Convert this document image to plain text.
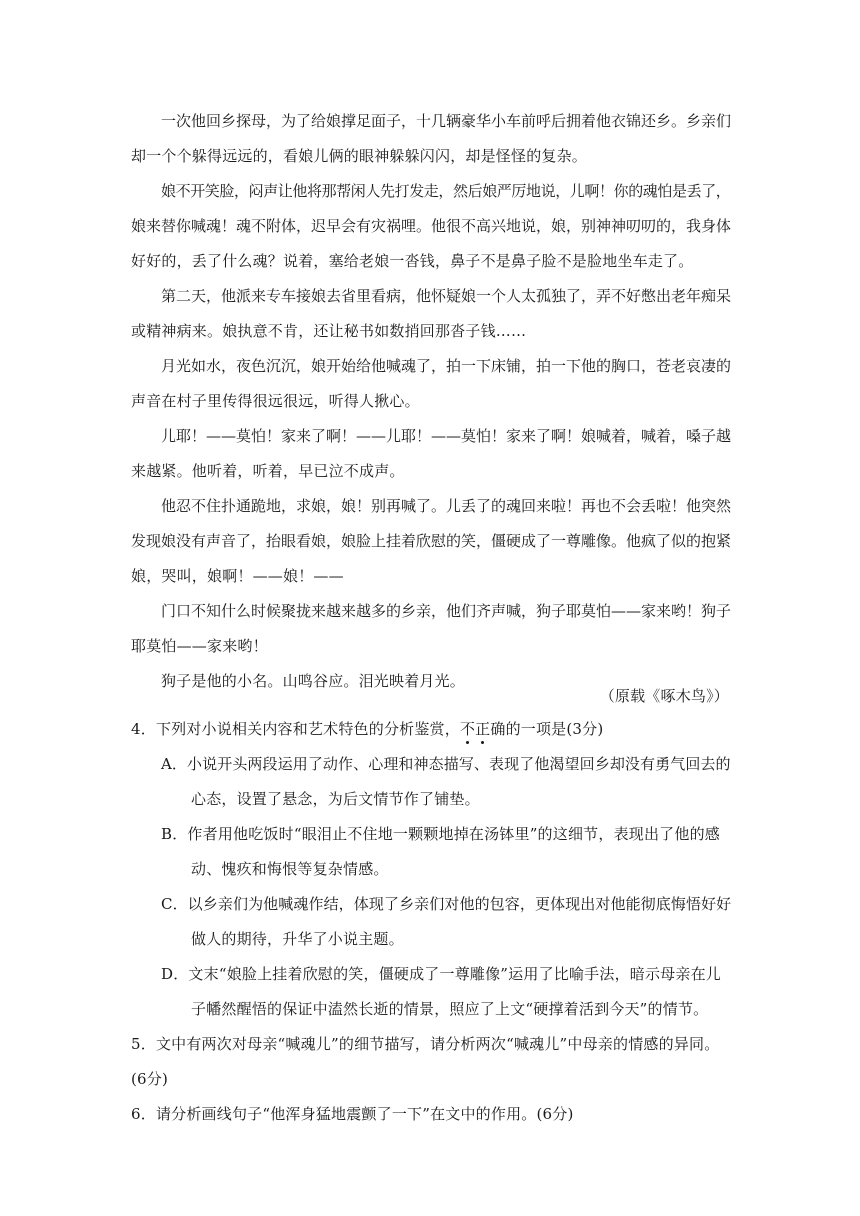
一次他回乡探母，为了给娘撑足面子，十几辆豪华小车前呼后拥着他衣锦还乡。乡亲们
却一个个躲得远远的，看娘儿俩的眼神躲躲闪闪，却是怪怪的复杂。
娘不开笑脸，闷声让他将那帮闲人先打发走，然后娘严厉地说，儿啊！你的魂怕是丢了，
娘来替你喊魂！魂不附体，迟早会有灾祸哩。他很不高兴地说，娘，别神神叨叨的，我身体
好好的，丢了什么魂？说着，塞给老娘一沓钱，鼻子不是鼻子脸不是脸地坐车走了。
第二天，他派来专车接娘去省里看病，他怀疑娘一个人太孤独了，弄不好憋出老年痴呆
或精神病来。娘执意不肯，还让秘书如数捎回那沓子钱……
月光如水，夜色沉沉，娘开始给他喊魂了，拍一下床铺，拍一下他的胸口，苍老哀凄的
声音在村子里传得很远很远，听得人揪心。
儿耶！——莫怕！家来了啊！——儿耶！——莫怕！家来了啊！娘喊着，喊着，嗓子越
来越紧。他听着，听着，早已泣不成声。
他忍不住扑通跪地，求娘，娘！别再喊了。儿丢了的魂回来啦！再也不会丢啦！他突然
发现娘没有声音了，抬眼看娘，娘脸上挂着欣慰的笑，僵硬成了一尊雕像。他疯了似的抱紧
娘，哭叫，娘啊！——娘！——
门口不知什么时候聚拢来越来越多的乡亲，他们齐声喊，狗子耶莫怕——家来哟！狗子
耶莫怕——家来哟！
狗子是他的小名。山鸣谷应。泪光映着月光。
（原载《啄木鸟》）
4．下列对小说相关内容和艺术特色的分析鉴赏，不正确的一项是(3分)
A．小说开头两段运用了动作、心理和神态描写、表现了他渴望回乡却没有勇气回去的
心态，设置了悬念，为后文情节作了铺垫。
B．作者用他吃饭时“眼泪止不住地一颗颗地掉在汤钵里”的这细节，表现出了他的感
动、愧疚和悔恨等复杂情感。
C．以乡亲们为他喊魂作结，体现了乡亲们对他的包容，更体现出对他能彻底悔悟好好
做人的期待，升华了小说主题。
D．文末“娘脸上挂着欣慰的笑，僵硬成了一尊雕像”运用了比喻手法，暗示母亲在儿
子幡然醒悟的保证中溘然长逝的情景，照应了上文“硬撑着活到今天”的情节。
5．文中有两次对母亲“喊魂儿”的细节描写，请分析两次“喊魂儿”中母亲的情感的异同。
(6分)
6．请分析画线句子“他浑身猛地震颤了一下”在文中的作用。(6分)
